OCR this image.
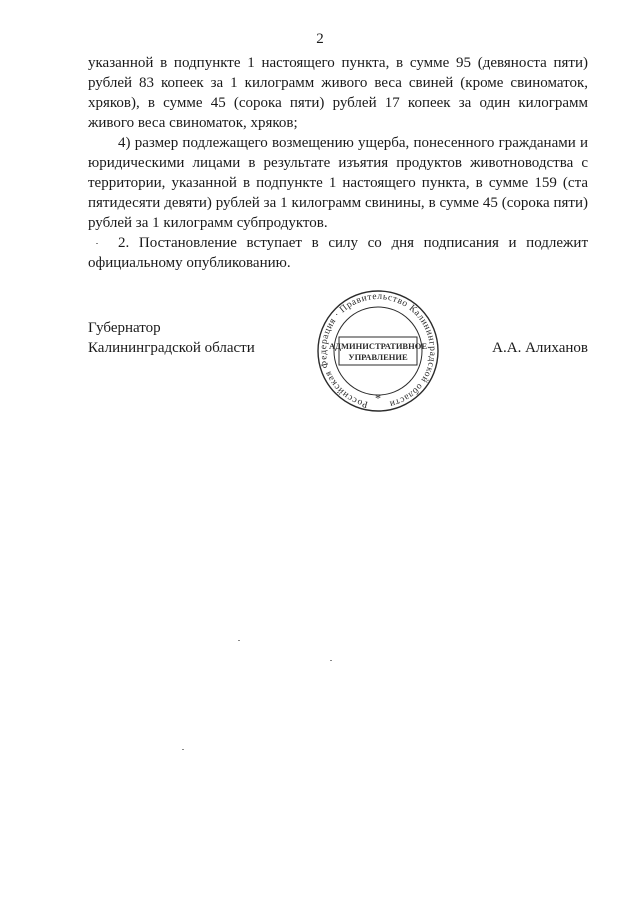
2

указанной в подпункте 1 настоящего пункта, в сумме 95 (девяноста пяти) рублей 83 копеек за 1 килограмм живого веса свиней (кроме свиноматок, хряков), в сумме 45 (сорока пяти) рублей 17 копеек за один килограмм живого веса свиноматок, хряков;

4) размер подлежащего возмещению ущерба, понесенного гражданами и юридическими лицами в результате изъятия продуктов животноводства с территории, указанной в подпункте 1 настоящего пункта, в сумме 159 (ста пятидесяти девяти) рублей за 1 килограмм свинины, в сумме 45 (сорока пяти) рублей за 1 килограмм субпродуктов.

2. Постановление вступает в силу со дня подписания и подлежит официальному опубликованию.

Губернатор
Калининградской области	А.А. Алиханов
Российская Федерация · Правительство Калининградской области
АДМИНИСТРАТИВНОЕ
УПРАВЛЕНИЕ
*
